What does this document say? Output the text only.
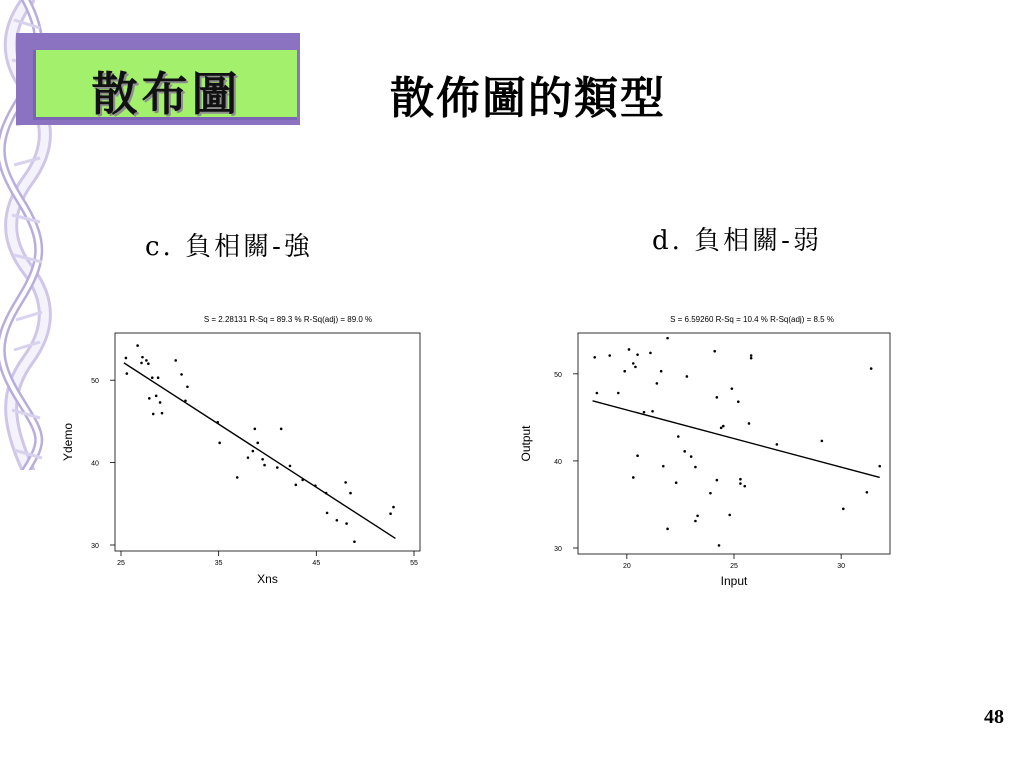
散布圖	散佈圖的類型
c. 負相關-強	d. 負相關-弱
S = 2.28131 R-Sq = 89.3 % R-Sq(adj) = 89.0 %
25	35	45	55
30
40
50
Xns
Ydemo
S = 6.59260 R-Sq = 10.4 % R-Sq(adj) = 8.5 %
20	25	30
30
40
50
Input
Output
48
